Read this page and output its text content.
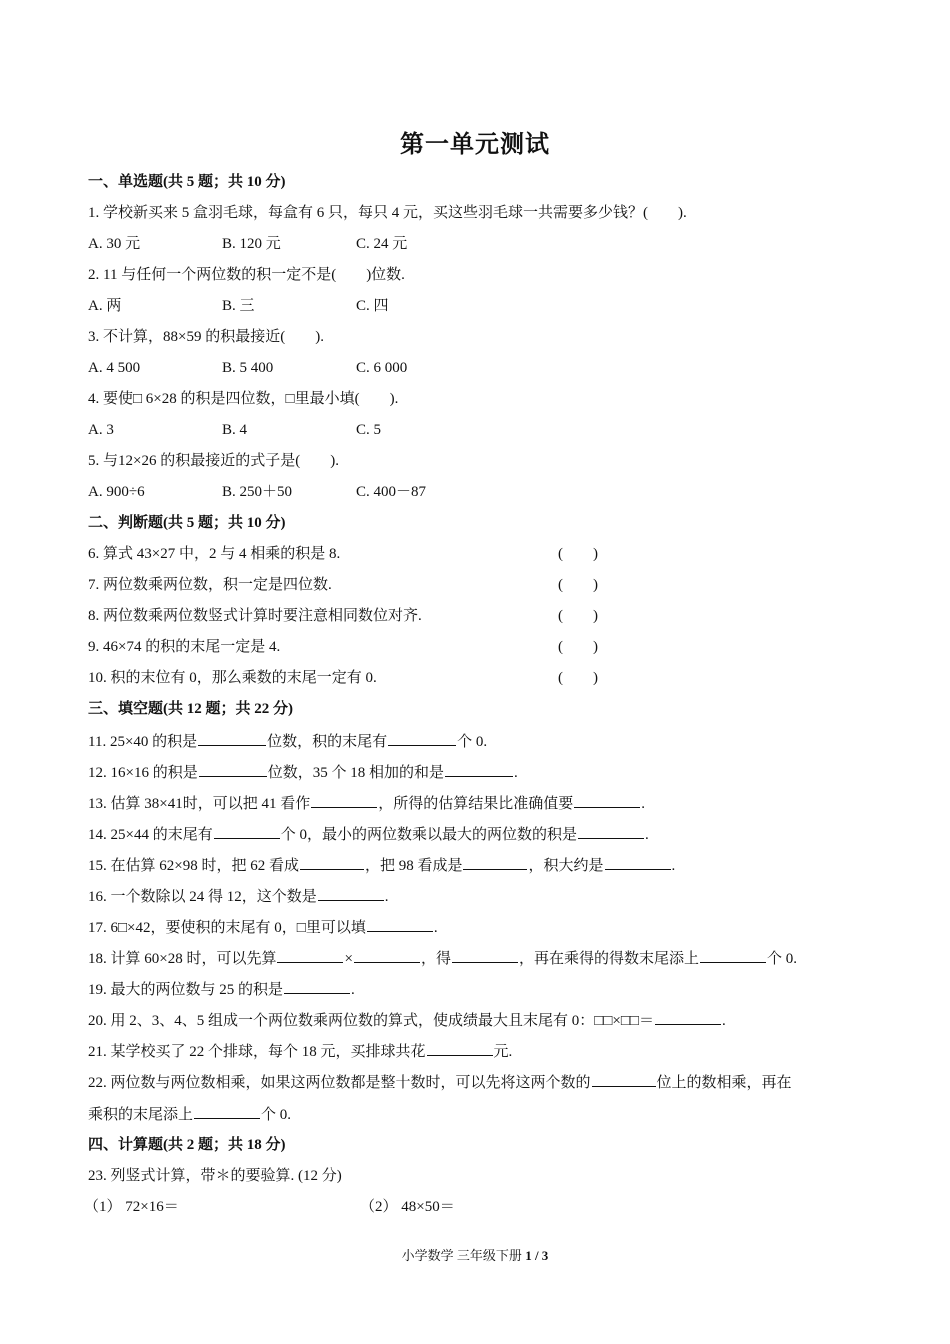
第一单元测试
一、单选题(共 5 题；共 10 分)
1. 学校新买来 5 盒羽毛球，每盒有 6 只，每只 4 元，买这些羽毛球一共需要多少钱？(　　).
A. 30 元	B. 120 元	C. 24 元
2. 11 与任何一个两位数的积一定不是(　　)位数.
A. 两	B. 三	C. 四
3. 不计算，88×59 的积最接近(　　).
A. 4 500	B. 5 400	C. 6 000
4. 要使□ 6×28 的积是四位数，□里最小填(　　).
A. 3	B. 4	C. 5
5. 与12×26 的积最接近的式子是(　　).
A. 900÷6	B. 250＋50	C. 400－87
二、判断题(共 5 题；共 10 分)
6. 算式 43×27 中，2 与 4 相乘的积是 8.	(　　)
7. 两位数乘两位数，积一定是四位数.	(　　)
8. 两位数乘两位数竖式计算时要注意相同数位对齐.	(　　)
9. 46×74 的积的末尾一定是 4.	(　　)
10. 积的末位有 0，那么乘数的末尾一定有 0.	(　　)
三、填空题(共 12 题；共 22 分)
11. 25×40 的积是	位数，积的末尾有	个 0.
12. 16×16 的积是	位数，35 个 18 相加的和是	.
13. 估算 38×41时，可以把 41 看作	，所得的估算结果比准确值要	.
14. 25×44 的末尾有	个 0，最小的两位数乘以最大的两位数的积是	.
15. 在估算 62×98 时，把 62 看成	，把 98 看成是	，积大约是	.
16. 一个数除以 24 得 12，这个数是	.
17. 6□×42，要使积的末尾有 0，□里可以填	.
18. 计算 60×28 时，可以先算	×	，得	，再在乘得的得数末尾添上	个 0.
19. 最大的两位数与 25 的积是	.
20. 用 2、3、4、5 组成一个两位数乘两位数的算式，使成绩最大且末尾有 0：□□×□□＝	.
21. 某学校买了 22 个排球，每个 18 元，买排球共花	元.
22. 两位数与两位数相乘，如果这两位数都是整十数时，可以先将这两个数的	位上的数相乘，再在
乘积的末尾添上	个 0.
四、计算题(共 2 题；共 18 分)
23. 列竖式计算，带＊的要验算. (12 分)
（1） 72×16＝	（2） 48×50＝
小学数学 三年级下册 1 / 3
